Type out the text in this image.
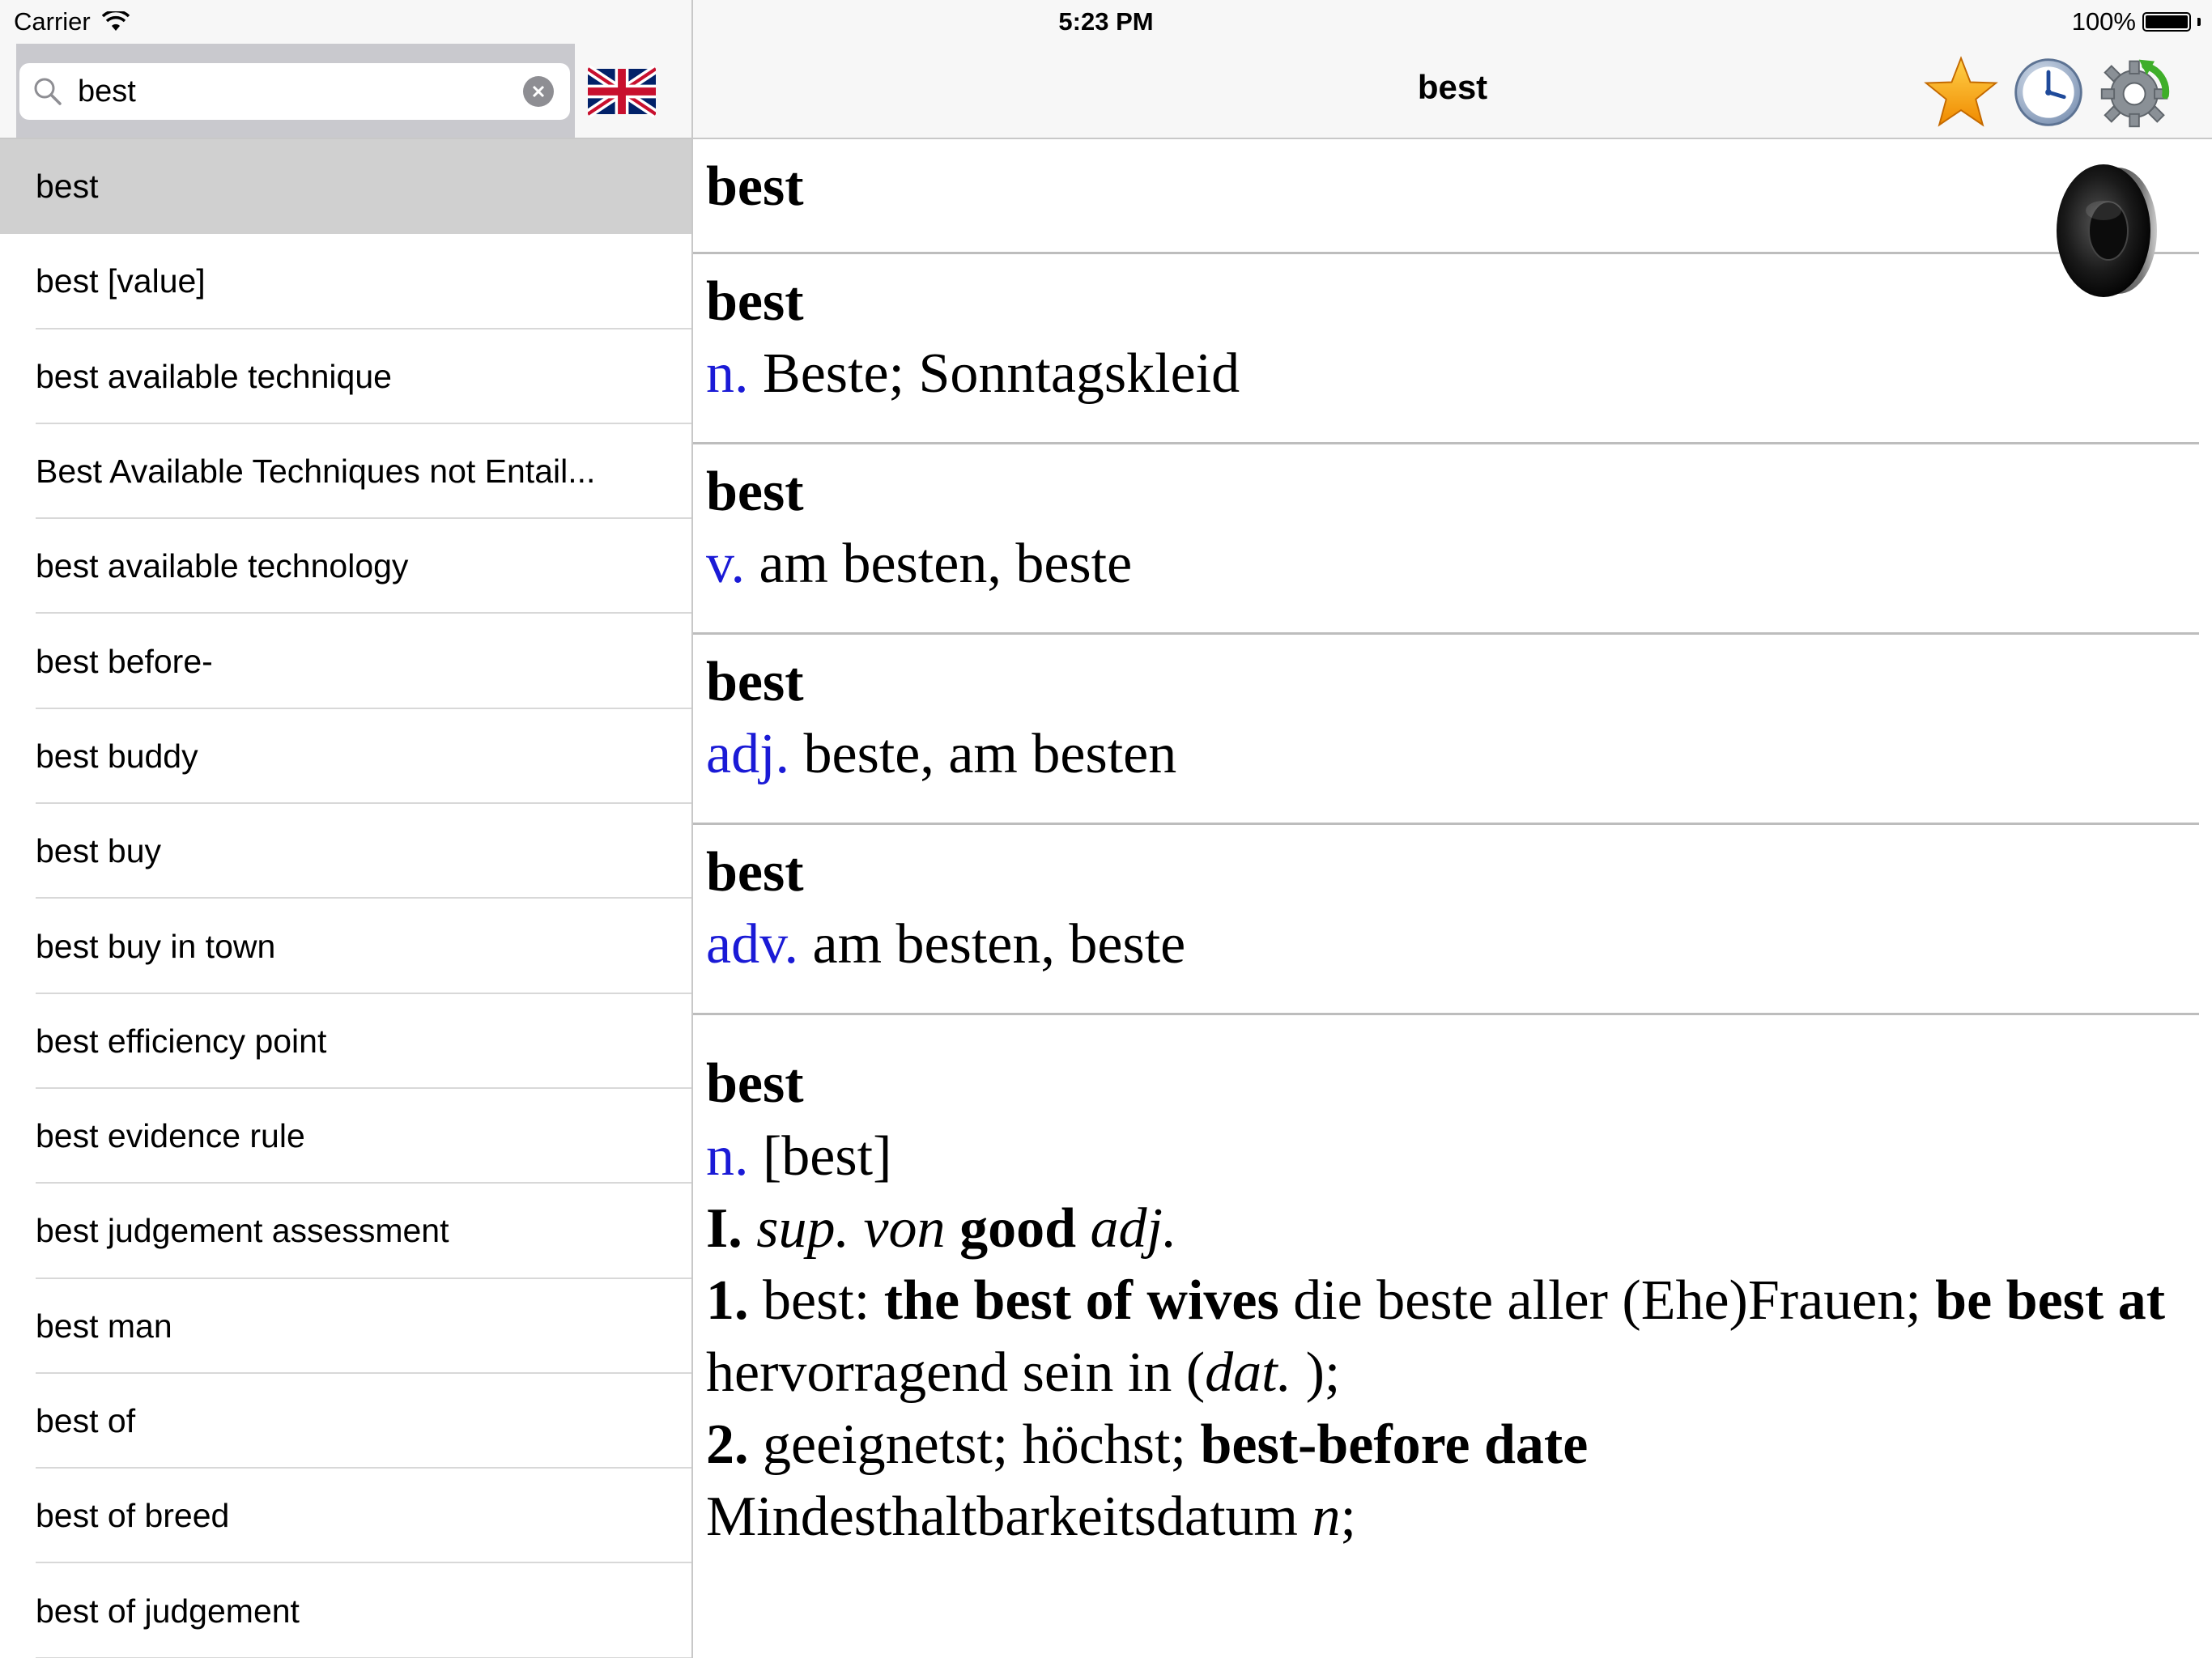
Carrier	5:23 PM	100%
best
best
best [value]
best available technique
Best Available Techniques not Entail...
best available technology
best before-
best buddy
best buy
best buy in town
best efficiency point
best evidence rule
best judgement assessment
best man
best of
best of breed
best of judgement
best
best
best
n. Beste; Sonntagskleid
best
v. am besten, beste
best
adj. beste, am besten
best
adv. am besten, beste
best
n. [best]
I. sup. von good adj.
1. best: the best of wives die beste aller (Ehe)Frauen; be best at hervorragend sein in (dat. );
2. geeignetst; höchst; best-before date
Mindesthaltbarkeitsdatum n;
